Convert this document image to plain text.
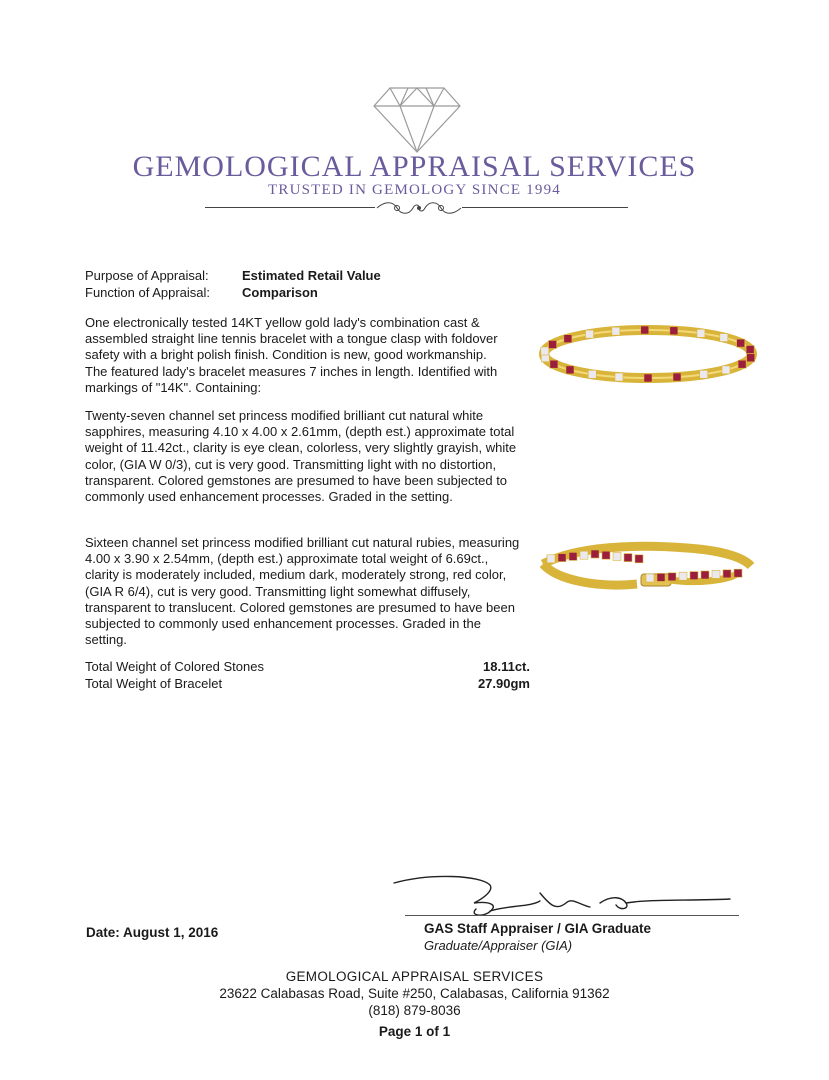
GEMOLOGICAL APPRAISAL SERVICES
TRUSTED IN GEMOLOGY SINCE 1994
Purpose of Appraisal:	Estimated Retail Value
Function of Appraisal: Comparison

One electronically tested 14KT yellow gold lady's combination cast & assembled straight line tennis bracelet with a tongue clasp with foldover safety with a bright polish finish. Condition is new, good workmanship. The featured lady's bracelet measures 7 inches in length. Identified with markings of "14K". Containing:

Twenty-seven channel set princess modified brilliant cut natural white sapphires, measuring 4.10 x 4.00 x 2.61mm, (depth est.) approximate total weight of 11.42ct., clarity is eye clean, colorless, very slightly grayish, white color, (GIA W 0/3), cut is very good. Transmitting light with no distortion, transparent. Colored gemstones are presumed to have been subjected to commonly used enhancement processes. Graded in the setting.

Sixteen channel set princess modified brilliant cut natural rubies, measuring 4.00 x 3.90 x 2.54mm, (depth est.) approximate total weight of 6.69ct., clarity is moderately included, medium dark, moderately strong, red color, (GIA R 6/4), cut is very good. Transmitting light somewhat diffusely, transparent to translucent. Colored gemstones are presumed to have been subjected to commonly used enhancement processes. Graded in the setting.

Total Weight of Colored Stones	18.11ct.
Total Weight of Bracelet	27.90gm
Date: August 1, 2016	GAS Staff Appraiser / GIA Graduate
Graduate/Appraiser (GIA)
GEMOLOGICAL APPRAISAL SERVICES
23622 Calabasas Road, Suite #250, Calabasas, California 91362
(818) 879-8036
Page 1 of 1
